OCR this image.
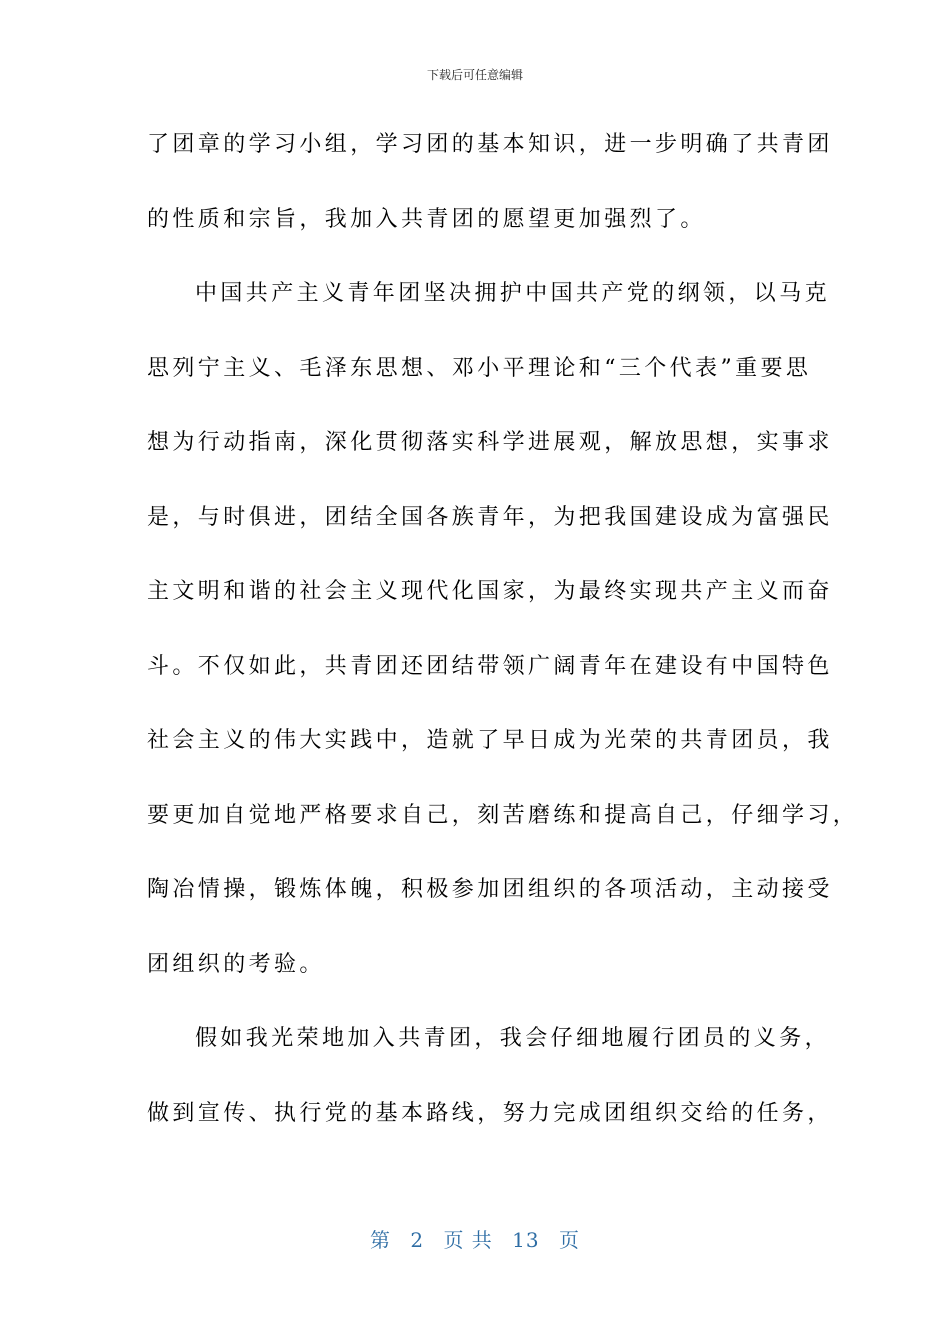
下载后可任意编辑
了团章的学习小组，学习团的基本知识，进一步明确了共青团
的性质和宗旨，我加入共青团的愿望更加强烈了。
中国共产主义青年团坚决拥护中国共产党的纲领，以马克
思列宁主义、毛泽东思想、邓小平理论和“三个代表”重要思
想为行动指南，深化贯彻落实科学进展观，解放思想，实事求
是，与时俱进，团结全国各族青年，为把我国建设成为富强民
主文明和谐的社会主义现代化国家，为最终实现共产主义而奋
斗。不仅如此，共青团还团结带领广阔青年在建设有中国特色
社会主义的伟大实践中，造就了早日成为光荣的共青团员，我
要更加自觉地严格要求自己，刻苦磨练和提高自己，仔细学习，
陶冶情操，锻炼体魄，积极参加团组织的各项活动，主动接受
团组织的考验。
假如我光荣地加入共青团，我会仔细地履行团员的义务，
做到宣传、执行党的基本路线，努力完成团组织交给的任务，
第 2 页 共 13 页
